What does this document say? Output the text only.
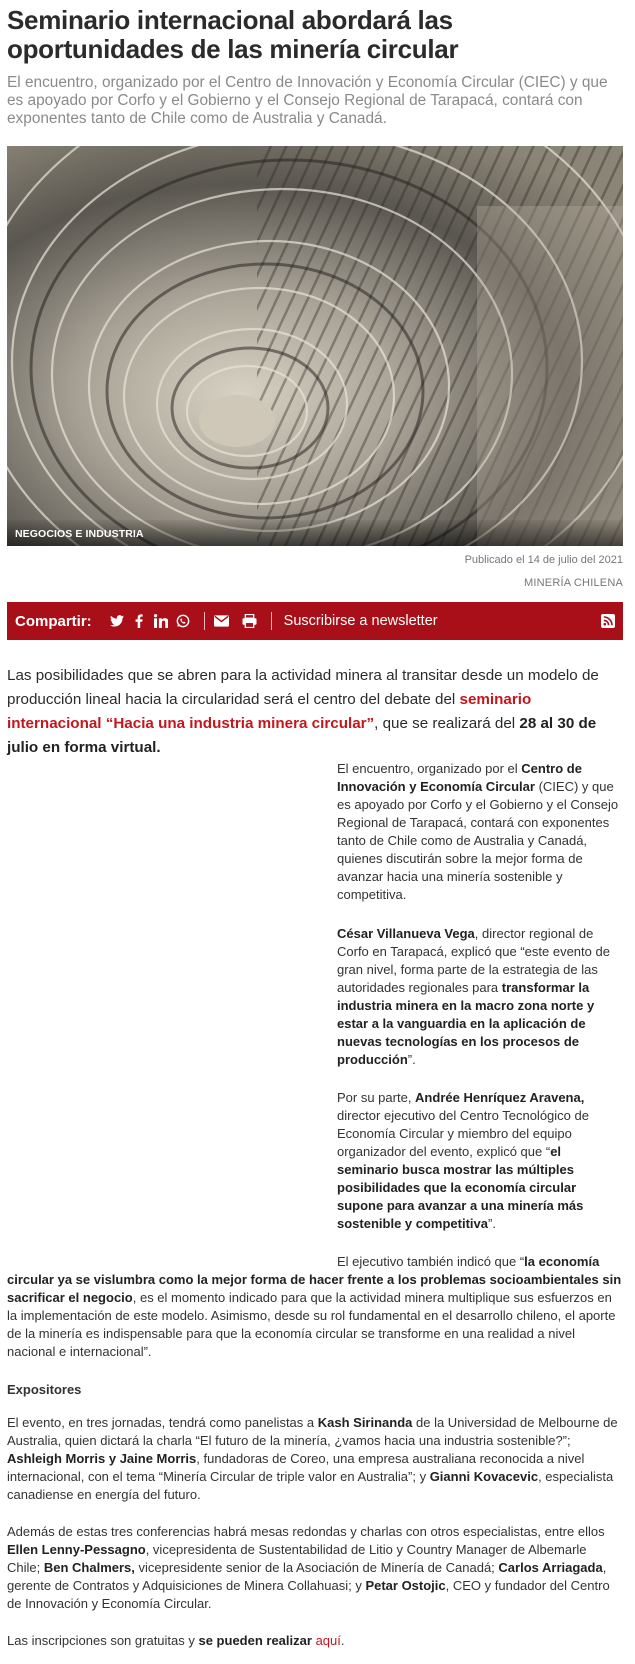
Seminario internacional abordará las oportunidades de las minería circular

El encuentro, organizado por el Centro de Innovación y Economía Circular (CIEC) y que es apoyado por Corfo y el Gobierno y el Consejo Regional de Tarapacá, contará con exponentes tanto de Chile como de Australia y Canadá.

NEGOCIOS E INDUSTRIA
Publicado el 14 de julio del 2021
MINERÍA CHILENA
Compartir:	Suscribirse a newsletter

Las posibilidades que se abren para la actividad minera al transitar desde un modelo de producción lineal hacia la circularidad será el centro del debate del seminario internacional “Hacia una industria minera circular”, que se realizará del 28 al 30 de julio en forma virtual.

El encuentro, organizado por el Centro de Innovación y Economía Circular (CIEC) y que es apoyado por Corfo y el Gobierno y el Consejo Regional de Tarapacá, contará con exponentes tanto de Chile como de Australia y Canadá, quienes discutirán sobre la mejor forma de avanzar hacia una minería sostenible y competitiva.

César Villanueva Vega, director regional de Corfo en Tarapacá, explicó que “este evento de gran nivel, forma parte de la estrategia de las autoridades regionales para transformar la industria minera en la macro zona norte y estar a la vanguardia en la aplicación de nuevas tecnologías en los procesos de producción”.

Por su parte, Andrée Henríquez Aravena, director ejecutivo del Centro Tecnológico de Economía Circular y miembro del equipo organizador del evento, explicó que “el seminario busca mostrar las múltiples posibilidades que la economía circular supone para avanzar a una minería más sostenible y competitiva”.

El ejecutivo también indicó que “la economía circular ya se vislumbra como la mejor forma de hacer frente a los problemas socioambientales sin sacrificar el negocio, es el momento indicado para que la actividad minera multiplique sus esfuerzos en la implementación de este modelo. Asimismo, desde su rol fundamental en el desarrollo chileno, el aporte de la minería es indispensable para que la economía circular se transforme en una realidad a nivel nacional e internacional”.

Expositores

El evento, en tres jornadas, tendrá como panelistas a Kash Sirinanda de la Universidad de Melbourne de Australia, quien dictará la charla “El futuro de la minería, ¿vamos hacia una industria sostenible?”; Ashleigh Morris y Jaine Morris, fundadoras de Coreo, una empresa australiana reconocida a nivel internacional, con el tema “Minería Circular de triple valor en Australia”; y Gianni Kovacevic, especialista canadiense en energía del futuro.

Además de estas tres conferencias habrá mesas redondas y charlas con otros especialistas, entre ellos Ellen Lenny-Pessagno, vicepresidenta de Sustentabilidad de Litio y Country Manager de Albemarle Chile; Ben Chalmers, vicepresidente senior de la Asociación de Minería de Canadá; Carlos Arriagada, gerente de Contratos y Adquisiciones de Minera Collahuasi; y Petar Ostojic, CEO y fundador del Centro de Innovación y Economía Circular.

Las inscripciones son gratuitas y se pueden realizar aquí.
